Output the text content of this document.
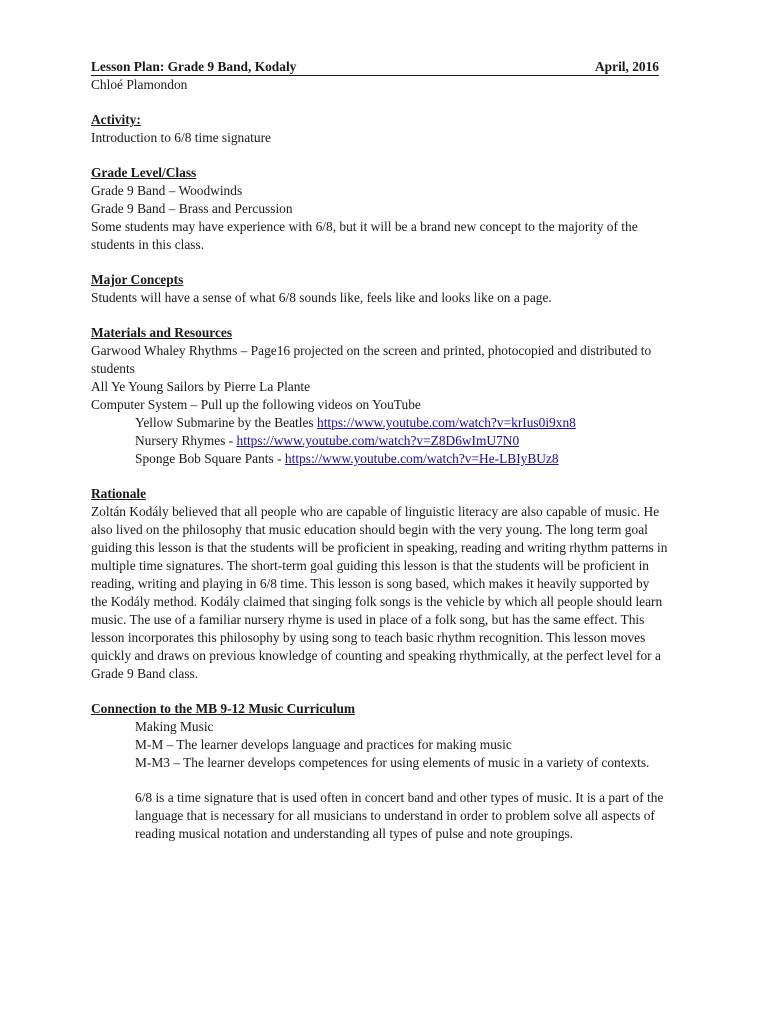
Lesson Plan: Grade 9 Band, Kodaly	April, 2016
Chloé Plamondon
Activity:
Introduction to 6/8 time signature
Grade Level/Class
Grade 9 Band – Woodwinds
Grade 9 Band – Brass and Percussion
Some students may have experience with 6/8, but it will be a brand new concept to the majority of the students in this class.
Major Concepts
Students will have a sense of what 6/8 sounds like, feels like and looks like on a page.
Materials and Resources
Garwood Whaley Rhythms – Page16 projected on the screen and printed, photocopied and distributed to students
All Ye Young Sailors by Pierre La Plante
Computer System – Pull up the following videos on YouTube
Yellow Submarine by the Beatles https://www.youtube.com/watch?v=krIus0i9xn8
Nursery Rhymes - https://www.youtube.com/watch?v=Z8D6wImU7N0
Sponge Bob Square Pants - https://www.youtube.com/watch?v=He-LBIyBUz8
Rationale
Zoltán Kodály believed that all people who are capable of linguistic literacy are also capable of music. He also lived on the philosophy that music education should begin with the very young. The long term goal guiding this lesson is that the students will be proficient in speaking, reading and writing rhythm patterns in multiple time signatures. The short-term goal guiding this lesson is that the students will be proficient in reading, writing and playing in 6/8 time. This lesson is song based, which makes it heavily supported by the Kodály method. Kodály claimed that singing folk songs is the vehicle by which all people should learn music. The use of a familiar nursery rhyme is used in place of a folk song, but has the same effect. This lesson incorporates this philosophy by using song to teach basic rhythm recognition. This lesson moves quickly and draws on previous knowledge of counting and speaking rhythmically, at the perfect level for a Grade 9 Band class.
Connection to the MB 9-12 Music Curriculum
Making Music
M-M – The learner develops language and practices for making music
M-M3 – The learner develops competences for using elements of music in a variety of contexts.
6/8 is a time signature that is used often in concert band and other types of music. It is a part of the language that is necessary for all musicians to understand in order to problem solve all aspects of reading musical notation and understanding all types of pulse and note groupings.
